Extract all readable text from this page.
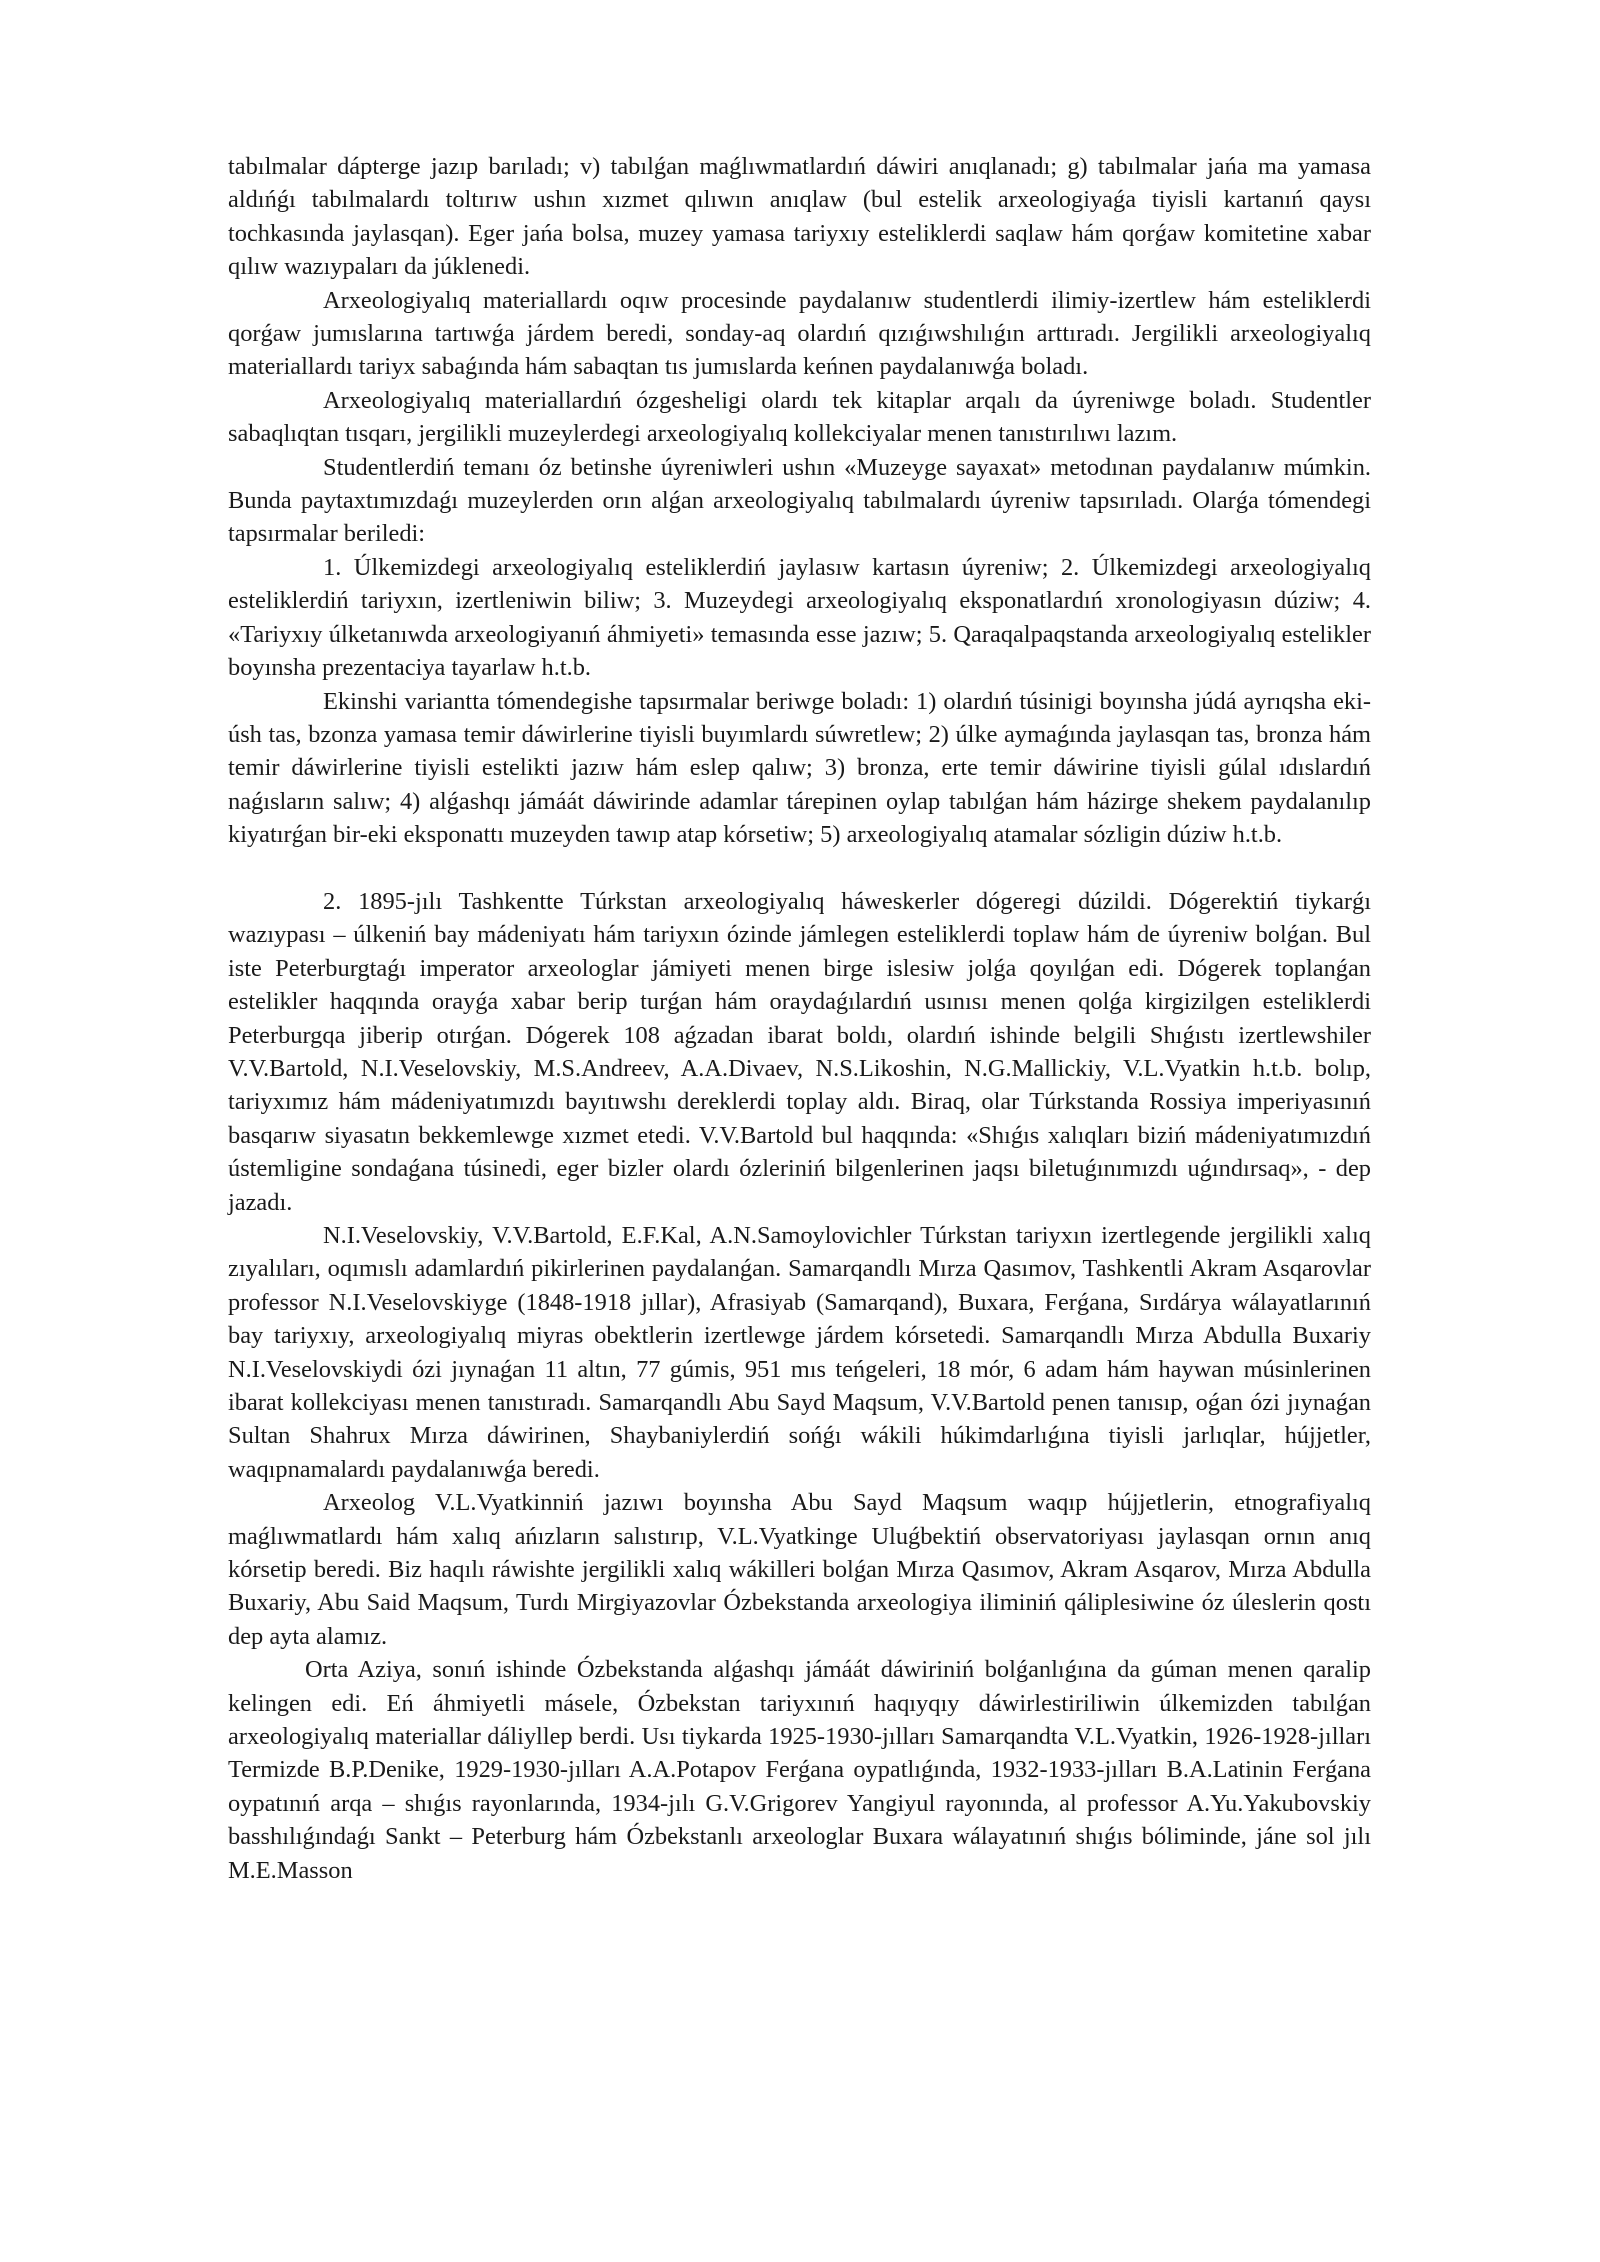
tabılmalar dápterge jazıp barıladı; v) tabılǵan maǵlıwmatlardıń dáwiri anıqlanadı; g) tabılmalar jańa ma yamasa aldıńǵı tabılmalardı toltırıw ushın xızmet qılıwın anıqlaw (bul estelik arxeologiyaǵa tiyisli kartanıń qaysı tochkasında jaylasqan). Eger jańa bolsa, muzey yamasa tariyxıy esteliklerdi saqlaw hám qorǵaw komitetine xabar qılıw wazıypaları da júklenedi.

Arxeologiyalıq materiallardı oqıw procesinde paydalanıw studentlerdi ilimiy-izertlew hám esteliklerdi qorǵaw jumıslarına tartıwǵa járdem beredi, sonday-aq olardıń qızıǵıwshılıǵın arttıradı. Jergilikli arxeologiyalıq materiallardı tariyx sabaǵında hám sabaqtan tıs jumıslarda keńnen paydalanıwǵa boladı.

Arxeologiyalıq materiallardıń ózgesheligi olardı tek kitaplar arqalı da úyreniwge boladı. Studentler sabaqlıqtan tısqarı, jergilikli muzeylerdegi arxeologiyalıq kollekciyalar menen tanıstırılıwı lazım.

Studentlerdiń temanı óz betinshe úyreniwleri ushın «Muzeyge sayaxat» metodınan paydalanıw múmkin. Bunda paytaxtımızdaǵı muzeylerden orın alǵan arxeologiyalıq tabılmalardı úyreniw tapsırıladı. Olarǵa tómendegi tapsırmalar beriledi:

1. Úlkemizdegi arxeologiyalıq esteliklerdiń jaylasıw kartasın úyreniw; 2. Úlkemizdegi arxeologiyalıq esteliklerdiń tariyxın, izertleniwin biliw; 3. Muzeydegi arxeologiyalıq eksponatlardıń xronologiyasın dúziw; 4. «Tariyxıy úlketanıwda arxeologiyanıń áhmiyeti» temasında esse jazıw; 5. Qaraqalpaqstanda arxeologiyalıq estelikler boyınsha prezentaciya tayarlaw h.t.b.

Ekinshi variantta tómendegishe tapsırmalar beriwge boladı: 1) olardıń túsinigi boyınsha júdá ayrıqsha eki-úsh tas, bzonza yamasa temir dáwirlerine tiyisli buyımlardı súwretlew; 2) úlke aymaǵında jaylasqan tas, bronza hám temir dáwirlerine tiyisli estelikti jazıw hám eslep qalıw; 3) bronza, erte temir dáwirine tiyisli gúlal ıdıslardıń naǵısların salıw; 4) alǵashqı jámáát dáwirinde adamlar tárepinen oylap tabılǵan hám házirge shekem paydalanılıp kiyatırǵan bir-eki eksponattı muzeyden tawıp atap kórsetiw; 5) arxeologiyalıq atamalar sózligin dúziw h.t.b.

2. 1895-jılı Tashkentte Túrkstan arxeologiyalıq háweskerler dógeregi dúzildi. Dógerektiń tiykarǵı wazıypası – úlkeniń bay mádeniyatı hám tariyxın ózinde jámlegen esteliklerdi toplaw hám de úyreniw bolǵan. Bul iste Peterburgtaǵı imperator arxeologlar jámiyeti menen birge islesiw jolǵa qoyılǵan edi. Dógerek toplanǵan estelikler haqqında orayǵa xabar berip turǵan hám oraydaǵılardıń usınısı menen qolǵa kirgizilgen esteliklerdi Peterburgqa jiberip otırǵan. Dógerek 108 aǵzadan ibarat boldı, olardıń ishinde belgili Shıǵıstı izertlewshiler V.V.Bartold, N.I.Veselovskiy, M.S.Andreev, A.A.Divaev, N.S.Likoshin, N.G.Mallickiy, V.L.Vyatkin h.t.b. bolıp, tariyxımız hám mádeniyatımızdı bayıtıwshı dereklerdi toplay aldı. Biraq, olar Túrkstanda Rossiya imperiyasınıń basqarıw siyasatın bekkemlewge xızmet etedi. V.V.Bartold bul haqqında: «Shıǵıs xalıqları biziń mádeniyatımızdıń ústemligine sondaǵana túsinedi, eger bizler olardı ózleriniń bilgenlerinen jaqsı biletuǵınımızdı uǵındırsaq», - dep jazadı.

N.I.Veselovskiy, V.V.Bartold, E.F.Kal, A.N.Samoylovichler Túrkstan tariyxın izertlegende jergilikli xalıq zıyalıları, oqımıslı adamlardıń pikirlerinen paydalanǵan. Samarqandlı Mırza Qasımov, Tashkentli Akram Asqarovlar professor N.I.Veselovskiyge (1848-1918 jıllar), Afrasiyab (Samarqand), Buxara, Ferǵana, Sırdárya wálayatlarınıń bay tariyxıy, arxeologiyalıq miyras obektlerin izertlewge járdem kórsetedi. Samarqandlı Mırza Abdulla Buxariy N.I.Veselovskiydi ózi jıynaǵan 11 altın, 77 gúmis, 951 mıs teńgeleri, 18 mór, 6 adam hám haywan músinlerinen ibarat kollekciyası menen tanıstıradı. Samarqandlı Abu Sayd Maqsum, V.V.Bartold penen tanısıp, oǵan ózi jıynaǵan Sultan Shahrux Mırza dáwirinen, Shaybaniylerdiń sońǵı wákili húkimdarlıǵına tiyisli jarlıqlar, hújjetler, waqıpnamalardı paydalanıwǵa beredi.

Arxeolog V.L.Vyatkinniń jazıwı boyınsha Abu Sayd Maqsum waqıp hújjetlerin, etnografiyalıq maǵlıwmatlardı hám xalıq ańızların salıstırıp, V.L.Vyatkinge Uluǵbektiń observatoriyası jaylasqan ornın anıq kórsetip beredi. Biz haqılı ráwishte jergilikli xalıq wákilleri bolǵan Mırza Qasımov, Akram Asqarov, Mırza Abdulla Buxariy, Abu Said Maqsum, Turdı Mirgiyazovlar Ózbekstanda arxeologiya iliminiń qáliplesiwine óz úleslerin qostı dep ayta alamız.

Orta Aziya, sonıń ishinde Ózbekstanda alǵashqı jámáát dáwiriniń bolǵanlıǵına da gúman menen qaralip kelingen edi. Eń áhmiyetli másele, Ózbekstan tariyxınıń haqıyqıy dáwirlestiriliwin úlkemizden tabılǵan arxeologiyalıq materiallar dáliyllep berdi. Usı tiykarda 1925-1930-jılları Samarqandta V.L.Vyatkin, 1926-1928-jılları Termizde B.P.Denike, 1929-1930-jılları A.A.Potapov Ferǵana oypatlıǵında, 1932-1933-jılları B.A.Latinin Ferǵana oypatınıń arqa – shıǵıs rayonlarında, 1934-jılı G.V.Grigorev Yangiyul rayonında, al professor A.Yu.Yakubovskiy basshılıǵındaǵı Sankt – Peterburg hám Ózbekstanlı arxeologlar Buxara wálayatınıń shıǵıs bóliminde, jáne sol jılı M.E.Masson
